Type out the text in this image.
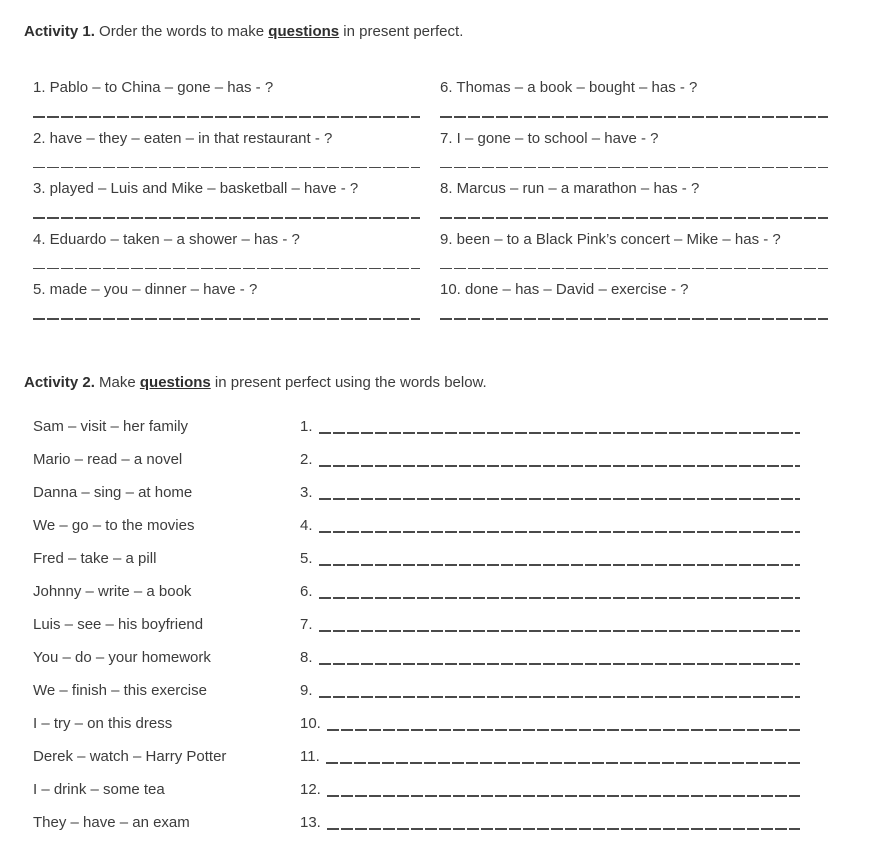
Activity 1. Order the words to make questions in present perfect.
1. Pablo – to China – gone – has - ?
2. have – they – eaten – in that restaurant - ?
3. played – Luis and Mike – basketball – have - ?
4. Eduardo – taken – a shower – has - ?
5. made – you – dinner – have - ?
6. Thomas – a book – bought – has - ?
7. I – gone – to school – have - ?
8. Marcus – run – a marathon – has - ?
9. been – to a Black Pink’s concert – Mike – has - ?
10. done – has – David – exercise - ?
Activity 2. Make questions in present perfect using the words below.
Sam – visit – her family	1.
Mario – read – a novel	2.
Danna – sing – at home	3.
We – go – to the movies	4.
Fred – take – a pill	5.
Johnny – write – a book	6.
Luis – see – his boyfriend	7.
You – do – your homework	8.
We – finish – this exercise	9.
I – try – on this dress	10.
Derek – watch – Harry Potter	11.
I – drink – some tea	12.
They – have – an exam	13.
